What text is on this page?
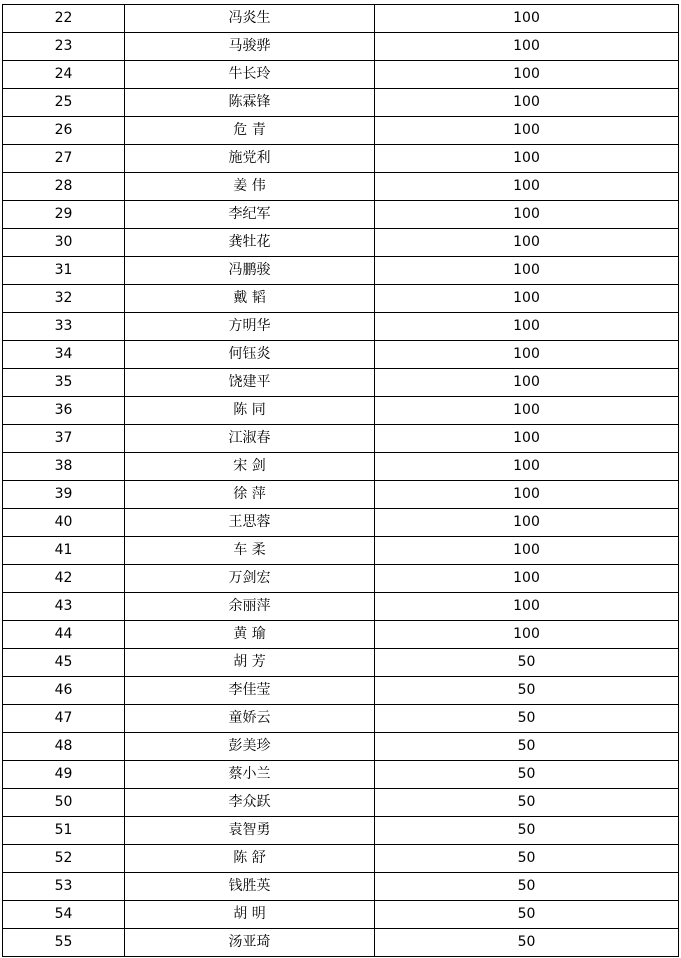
22	冯炎生	100
23	马骏骅	100
24	牛长玲	100
25	陈霖锋	100
26	危 青	100
27	施党利	100
28	姜 伟	100
29	李纪军	100
30	龚牡花	100
31	冯鹏骏	100
32	戴 韬	100
33	方明华	100
34	何钰炎	100
35	饶建平	100
36	陈 同	100
37	江淑春	100
38	宋 剑	100
39	徐 萍	100
40	王思蓉	100
41	车 柔	100
42	万剑宏	100
43	余丽萍	100
44	黄 瑜	100
45	胡 芳	50
46	李佳莹	50
47	童娇云	50
48	彭美珍	50
49	蔡小兰	50
50	李众跃	50
51	袁智勇	50
52	陈 舒	50
53	钱胜英	50
54	胡 明	50
55	汤亚琦	50
